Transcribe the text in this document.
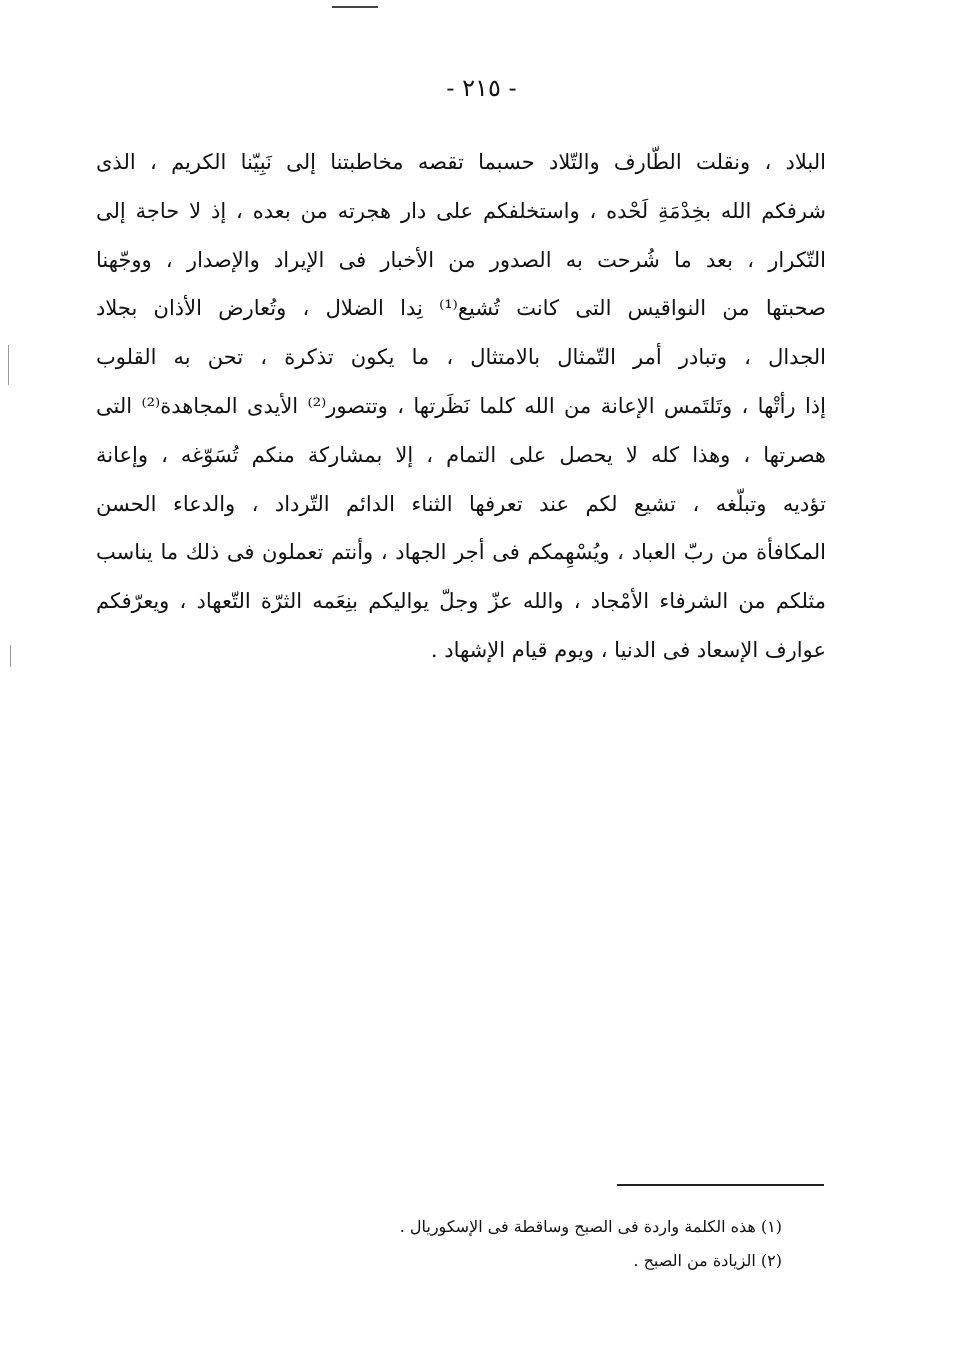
- ٢١٥ -
البلاد ، ونقلت الطّارف والتّلاد حسبما تقصه مخاطبتنا إلى نَبِيّنا الكريم ، الذى
شرفكم الله بخِدْمَةِ لَحْده ، واستخلفكم على دار هجرته من بعده ، إذ لا حاجة إلى
التّكرار ، بعد ما شُرحت به الصدور من الأخبار فى الإيراد والإصدار ، ووجّهنا
صحبتها من النواقيس التى كانت تُشيع⁽¹⁾ نِدا الضلال ، وتُعارض الأذان بجلاد
الجدال ، وتبادر أمر التّمثال بالامتثال ، ما يكون تذكرة ، تحن به القلوب
إذا رأتْها ، وتَلتَمس الإعانة من الله كلما نَظَرتها ، وتتصور⁽²⁾ الأيدى المجاهدة⁽²⁾ التى
هصرتها ، وهذا كله لا يحصل على التمام ، إلا بمشاركة منكم تُسَوّغه ، وإعانة
تؤديه وتبلّغه ، تشيع لكم عند تعرفها الثناء الدائم التّرداد ، والدعاء الحسن
المكافأة من ربّ العباد ، ويُسْهِمكم فى أجر الجهاد ، وأنتم تعملون فى ذلك ما يناسب
مثلكم من الشرفاء الأمْجاد ، والله عزّ وجلّ يواليكم بنِعَمه الثرّة التّعهاد ، ويعرّفكم
عوارف الإسعاد فى الدنيا ، ويوم قيام الإشهاد .
(١) هذه الكلمة واردة فى الصبح وساقطة فى الإسكوريال .
(٢) الزيادة من الصبح .
